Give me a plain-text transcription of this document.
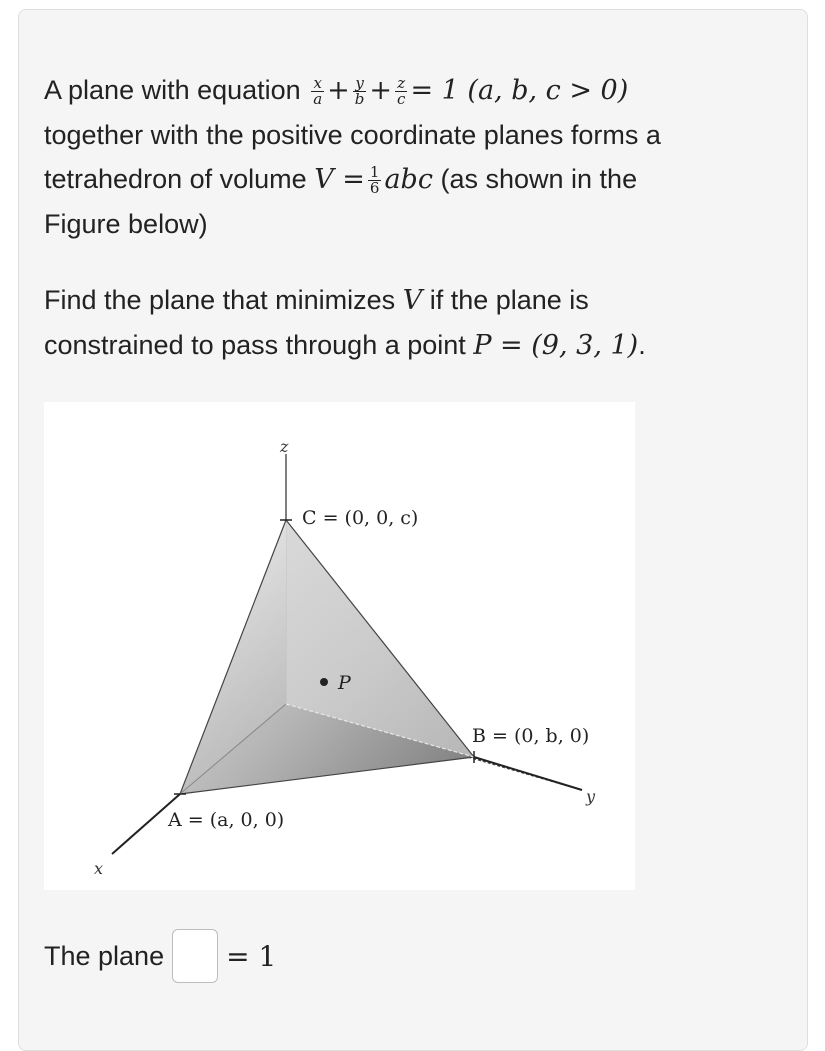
A plane with equation $\frac{x}{a} + \frac{y}{b} + \frac{z}{c} = 1$ (a, b, c > 0)
together with the positive coordinate planes forms a
tetrahedron of volume $V = \frac{1}{6}$ abc (as shown in the
Figure below)
Find the plane that minimizes V if the plane is
constrained to pass through a point P = (9, 3, 1).
P
z
y
x
C = (0, 0, c)
B = (0, b, 0)
A = (a, 0, 0)
The plane = 1
